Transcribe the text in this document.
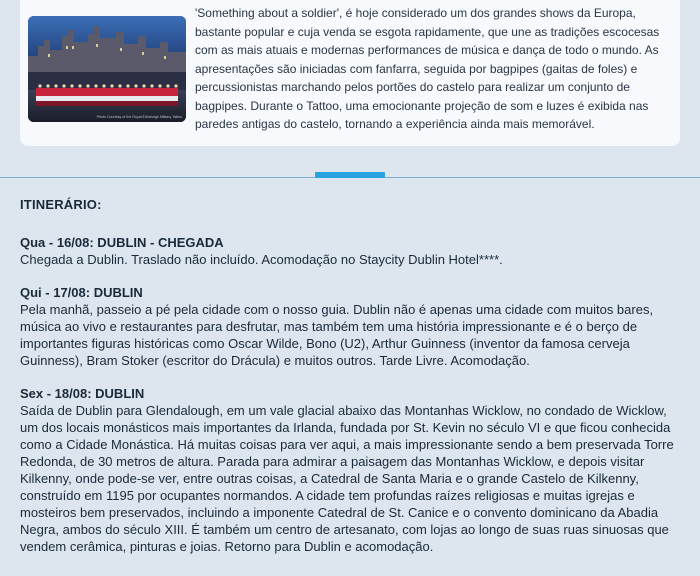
Photo Courtesy of the Royal Edinburgh Military Tattoo

'Something about a soldier', é hoje considerado um dos grandes shows da Europa, bastante popular e cuja venda se esgota rapidamente, que une as tradições escocesas com as mais atuais e modernas performances de música e dança de todo o mundo. As apresentações são iniciadas com fanfarra, seguida por bagpipes (gaitas de foles) e percussionistas marchando pelos portões do castelo para realizar um conjunto de bagpipes. Durante o Tattoo, uma emocionante projeção de som e luzes é exibida nas paredes antigas do castelo, tornando a experiência ainda mais memorável.

ITINERÁRIO:
Qua - 16/08: DUBLIN - CHEGADA

Chegada a Dublin. Traslado não incluído. Acomodação no Staycity Dublin Hotel****.

Qui - 17/08: DUBLIN

Pela manhã, passeio a pé pela cidade com o nosso guia. Dublin não é apenas uma cidade com muitos bares, música ao vivo e restaurantes para desfrutar, mas também tem uma história impressionante e é o berço de importantes figuras históricas como Oscar Wilde, Bono (U2), Arthur Guinness (inventor da famosa cerveja Guinness), Bram Stoker (escritor do Drácula) e muitos outros. Tarde Livre. Acomodação.

Sex - 18/08: DUBLIN

Saída de Dublin para Glendalough, em um vale glacial abaixo das Montanhas Wicklow, no condado de Wicklow, um dos locais monásticos mais importantes da Irlanda, fundada por St. Kevin no século VI e que ficou conhecida como a Cidade Monástica. Há muitas coisas para ver aqui, a mais impressionante sendo a bem preservada Torre Redonda, de 30 metros de altura. Parada para admirar a paisagem das Montanhas Wicklow, e depois visitar Kilkenny, onde pode-se ver, entre outras coisas, a Catedral de Santa Maria e o grande Castelo de Kilkenny, construído em 1195 por ocupantes normandos. A cidade tem profundas raízes religiosas e muitas igrejas e mosteiros bem preservados, incluindo a imponente Catedral de St. Canice e o convento dominicano da Abadia Negra, ambos do século XIII. É também um centro de artesanato, com lojas ao longo de suas ruas sinuosas que vendem cerâmica, pinturas e joias. Retorno para Dublin e acomodação.
